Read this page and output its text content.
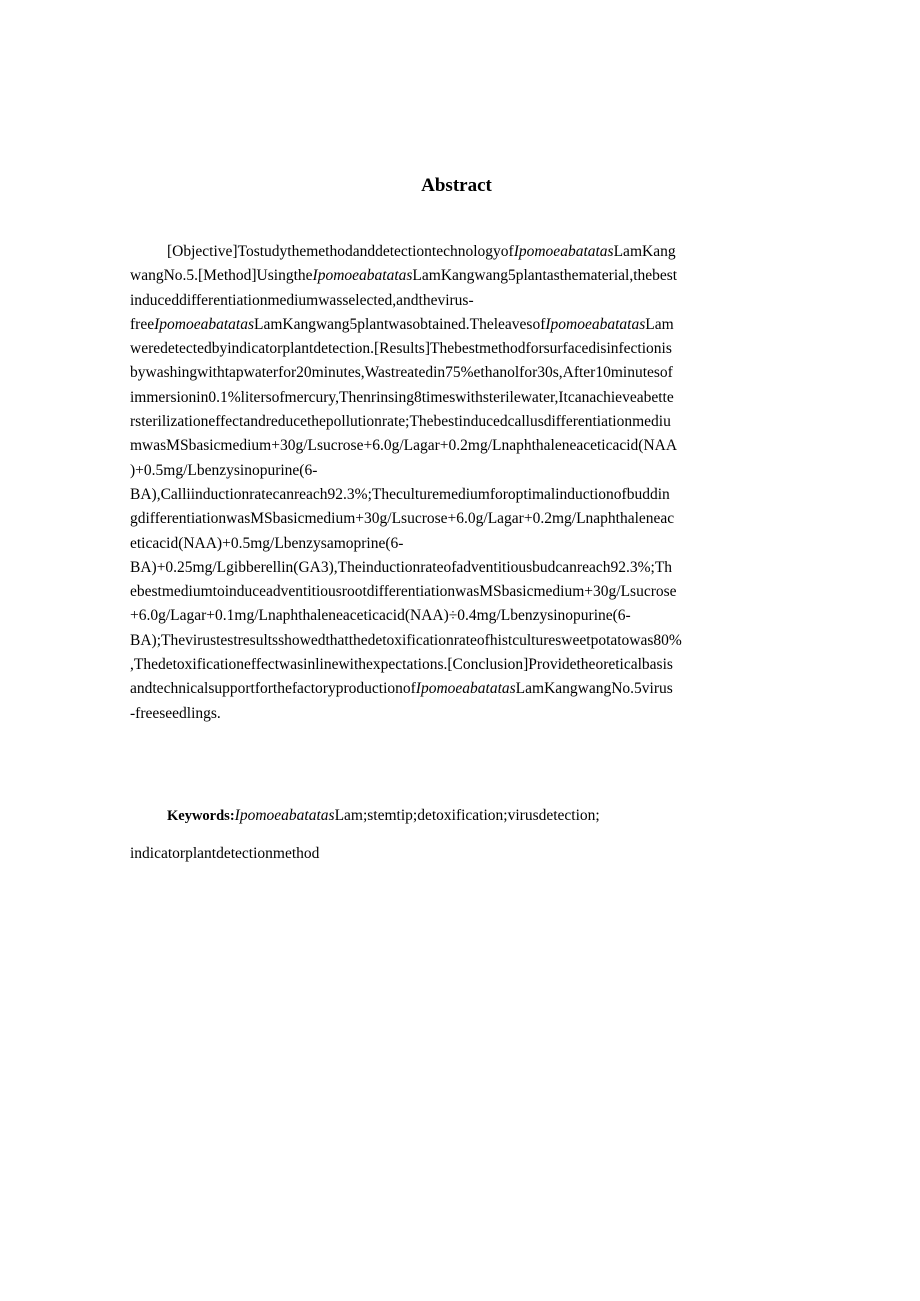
Abstract
[Objective]TostudythemethodanddetectiontechnologyofIpomoeabatatasLamKang
wangNo.5.[Method]UsingtheIpomoeabatatasLamKangwang5plantasthematerial,thebest
induceddifferentiationmediumwasselected,andthevirus-
freeIpomoeabatatasLamKangwang5plantwasobtained.TheleavesofIpomoeabatatasLam
weredetectedbyindicatorplantdetection.[Results]Thebestmethodforsurfacedisinfectionis
bywashingwithtapwaterfor20minutes,Wastreatedin75%ethanolfor30s,After10minutesof
immersionin0.1%litersofmercury,Thenrinsing8timeswithsterilewater,Itcanachieveabette
rsterilizationeffectandreducethepollutionrate;Thebestinducedcallusdifferentiationmediu
mwasMSbasicmedium+30g/Lsucrose+6.0g/Lagar+0.2mg/Lnaphthaleneaceticacid(NAA
)+0.5mg/Lbenzysinopurine(6-
BA),Calliinductionratecanreach92.3%;Theculturemediumforoptimalinductionofbuddin
gdifferentiationwasMSbasicmedium+30g/Lsucrose+6.0g/Lagar+0.2mg/Lnaphthaleneac
eticacid(NAA)+0.5mg/Lbenzysamoprine(6-
BA)+0.25mg/Lgibberellin(GA3),Theinductionrateofadventitiousbudcanreach92.3%;Th
ebestmediumtoinduceadventitiousrootdifferentiationwasMSbasicmedium+30g/Lsucrose
+6.0g/Lagar+0.1mg/Lnaphthaleneaceticacid(NAA)÷0.4mg/Lbenzysinopurine(6-
BA);Thevirustestresultsshowedthatthedetoxificationrateofhistculturesweetpotatowas80%
,Thedetoxificationeffectwasinlinewithexpectations.[Conclusion]Providetheoreticalbasis
andtechnicalsupportforthefactoryproductionofIpomoeabatatasLamKangwangNo.5virus
-freeseedlings.
Keywords:IpomoeabatatasLam;stemtip;detoxification;virusdetection;
indicatorplantdetectionmethod
